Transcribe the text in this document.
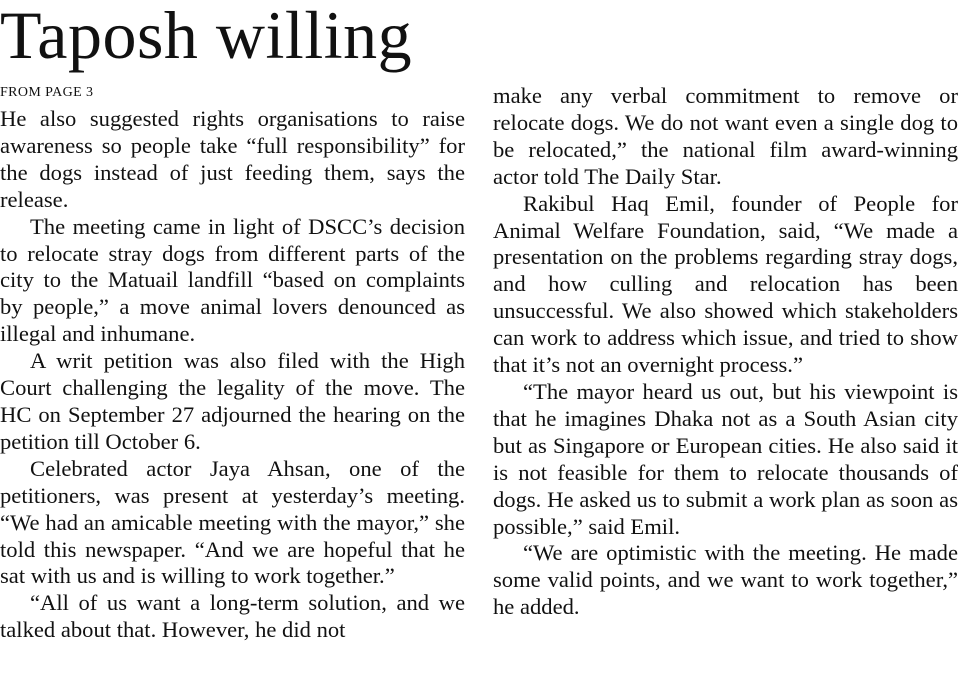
Taposh willing
FROM PAGE 3

He also suggested rights organisations to raise awareness so people take “full responsibility” for the dogs instead of just feeding them, says the release.

The meeting came in light of DSCC’s decision to relocate stray dogs from different parts of the city to the Matuail landfill “based on complaints by people,” a move animal lovers denounced as illegal and inhumane.

A writ petition was also filed with the High Court challenging the legality of the move. The HC on September 27 adjourned the hearing on the petition till October 6.

Celebrated actor Jaya Ahsan, one of the petitioners, was present at yesterday’s meeting. “We had an amicable meeting with the mayor,” she told this newspaper. “And we are hopeful that he sat with us and is willing to work together.”

“All of us want a long-term solution, and we talked about that. However, he did not

make any verbal commitment to remove or relocate dogs. We do not want even a single dog to be relocated,” the national film award-winning actor told The Daily Star.

Rakibul Haq Emil, founder of People for Animal Welfare Foundation, said, “We made a presentation on the problems regarding stray dogs, and how culling and relocation has been unsuccessful. We also showed which stakeholders can work to address which issue, and tried to show that it’s not an overnight process.”

“The mayor heard us out, but his viewpoint is that he imagines Dhaka not as a South Asian city but as Singapore or European cities. He also said it is not feasible for them to relocate thousands of dogs. He asked us to submit a work plan as soon as possible,” said Emil.

“We are optimistic with the meeting. He made some valid points, and we want to work together,” he added.
